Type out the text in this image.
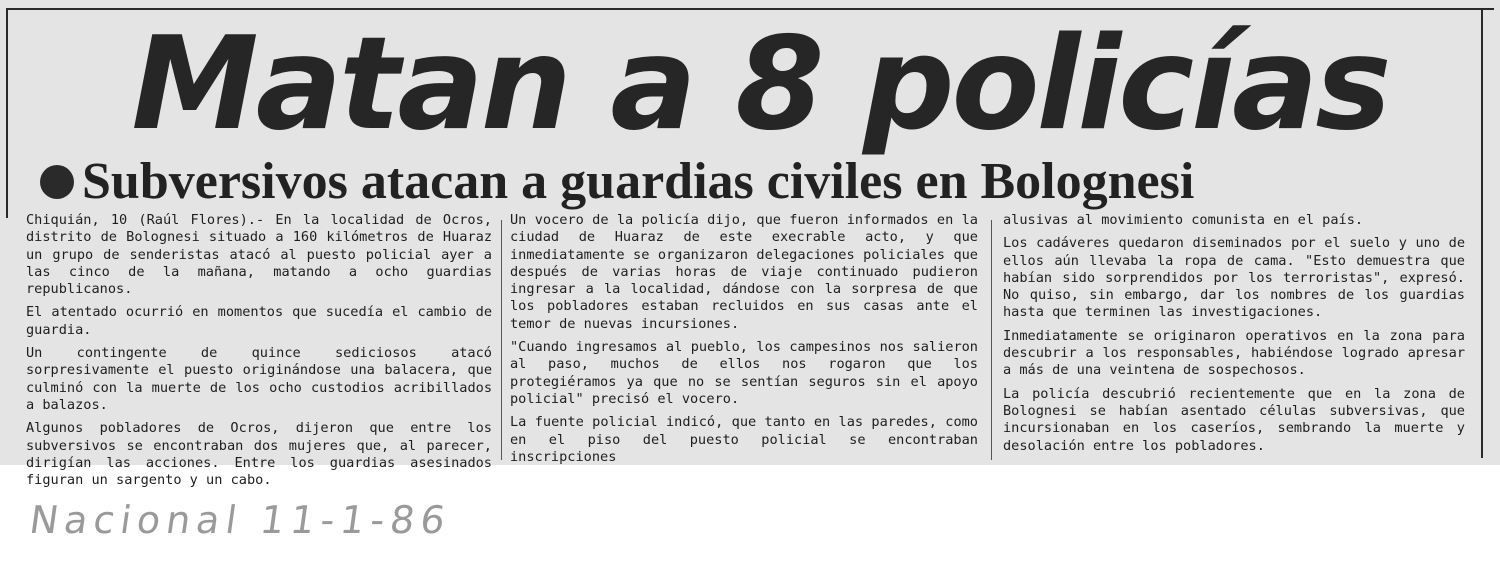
Matan a 8 policías
Subversivos atacan a guardias civiles en Bolognesi

Chiquián, 10 (Raúl Flores).- En la localidad de Ocros, distrito de Bolognesi situado a 160 kilómetros de Huaraz un grupo de senderistas atacó al puesto policial ayer a las cinco de la mañana, matando a ocho guardias republicanos.

El atentado ocurrió en momentos que sucedía el cambio de guardia.

Un contingente de quince sediciosos atacó sorpresivamente el puesto originándose una balacera, que culminó con la muerte de los ocho custodios acribillados a balazos.

Algunos pobladores de Ocros, dijeron que entre los subversivos se encontraban dos mujeres que, al parecer, dirigían las acciones. Entre los guardias asesinados figuran un sargento y un cabo.

Un vocero de la policía dijo, que fueron informados en la ciudad de Huaraz de este execrable acto, y que inmediatamente se organizaron delegaciones policiales que después de varias horas de viaje continuado pudieron ingresar a la localidad, dándose con la sorpresa de que los pobladores estaban recluidos en sus casas ante el temor de nuevas incursiones.

"Cuando ingresamos al pueblo, los campesinos nos salieron al paso, muchos de ellos nos rogaron que los protegiéramos ya que no se sentían seguros sin el apoyo policial" precisó el vocero.

La fuente policial indicó, que tanto en las paredes, como en el piso del puesto policial se encontraban inscripciones

alusivas al movimiento comunista en el país.

Los cadáveres quedaron diseminados por el suelo y uno de ellos aún llevaba la ropa de cama. "Esto demuestra que habían sido sorprendidos por los terroristas", expresó. No quiso, sin embargo, dar los nombres de los guardias hasta que terminen las investigaciones.

Inmediatamente se originaron operativos en la zona para descubrir a los responsables, habiéndose logrado apresar a más de una veintena de sospechosos.

La policía descubrió recientemente que en la zona de Bolognesi se habían asentado células subversivas, que incursionaban en los caseríos, sembrando la muerte y desolación entre los pobladores.

Nacional 11-1-86
